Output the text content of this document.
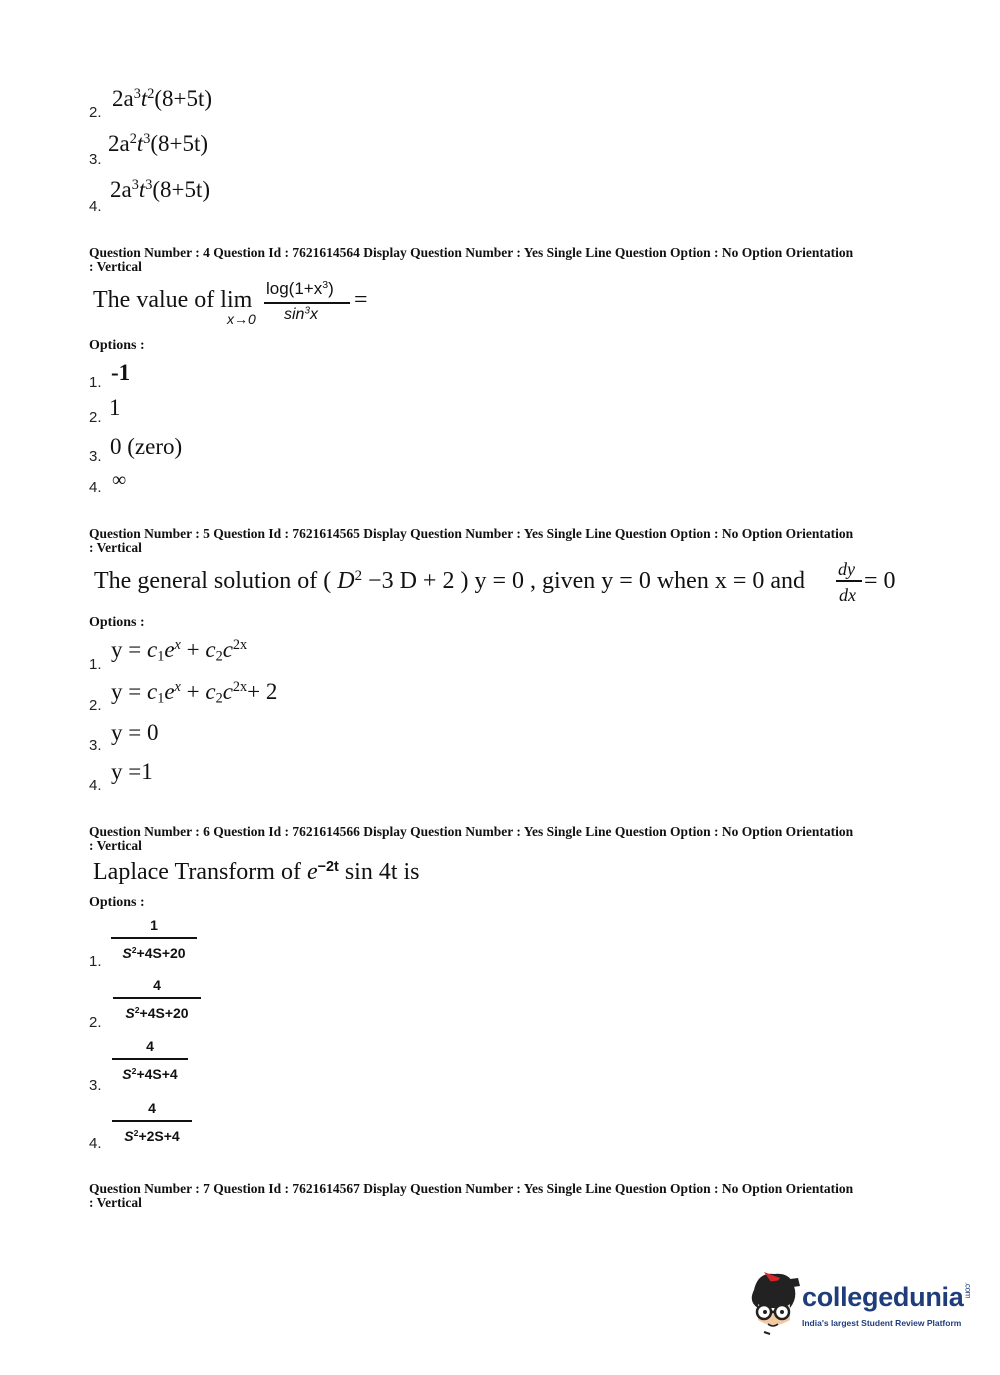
2.
$2a^3t^2(8+5t)$
3.
$2a^2t^3(8+5t)$
4.
$2a^3t^3(8+5t)$
Question Number : 4 Question Id : 7621614564 Display Question Number : Yes Single Line Question Option : No Option Orientation : Vertical
The value of lim
x→0
$\log(1+x^3)$
$\sin^3x$
=
Options :
1. -1
2. 1
3. 0 (zero)
4. ∞
Question Number : 5 Question Id : 7621614565 Display Question Number : Yes Single Line Question Option : No Option Orientation : Vertical
The general solution of ( $D^2 -3$ D + 2 ) y = 0 , given y = 0 when x = 0 and dy
dx
= 0
Options :
1.
$y = c_1e^x + c_2c^{2x}$
2.
$y = c_1e^x + c_2c^{2x}+ 2$
3.
y = 0
4.
y =1
Question Number : 6 Question Id : 7621614566 Display Question Number : Yes Single Line Question Option : No Option Orientation : Vertical
Laplace Transform of $e^{-2t}$ sin 4t is
Options :
1.
1
$S^2+4S+20$
2.
4
$S^2+4S+20$
3.
4
$S^2+4S+4$
4.
4
$S^2+2S+4$
Question Number : 7 Question Id : 7621614567 Display Question Number : Yes Single Line Question Option : No Option Orientation : Vertical
collegedunia.com
India's largest Student Review Platform
